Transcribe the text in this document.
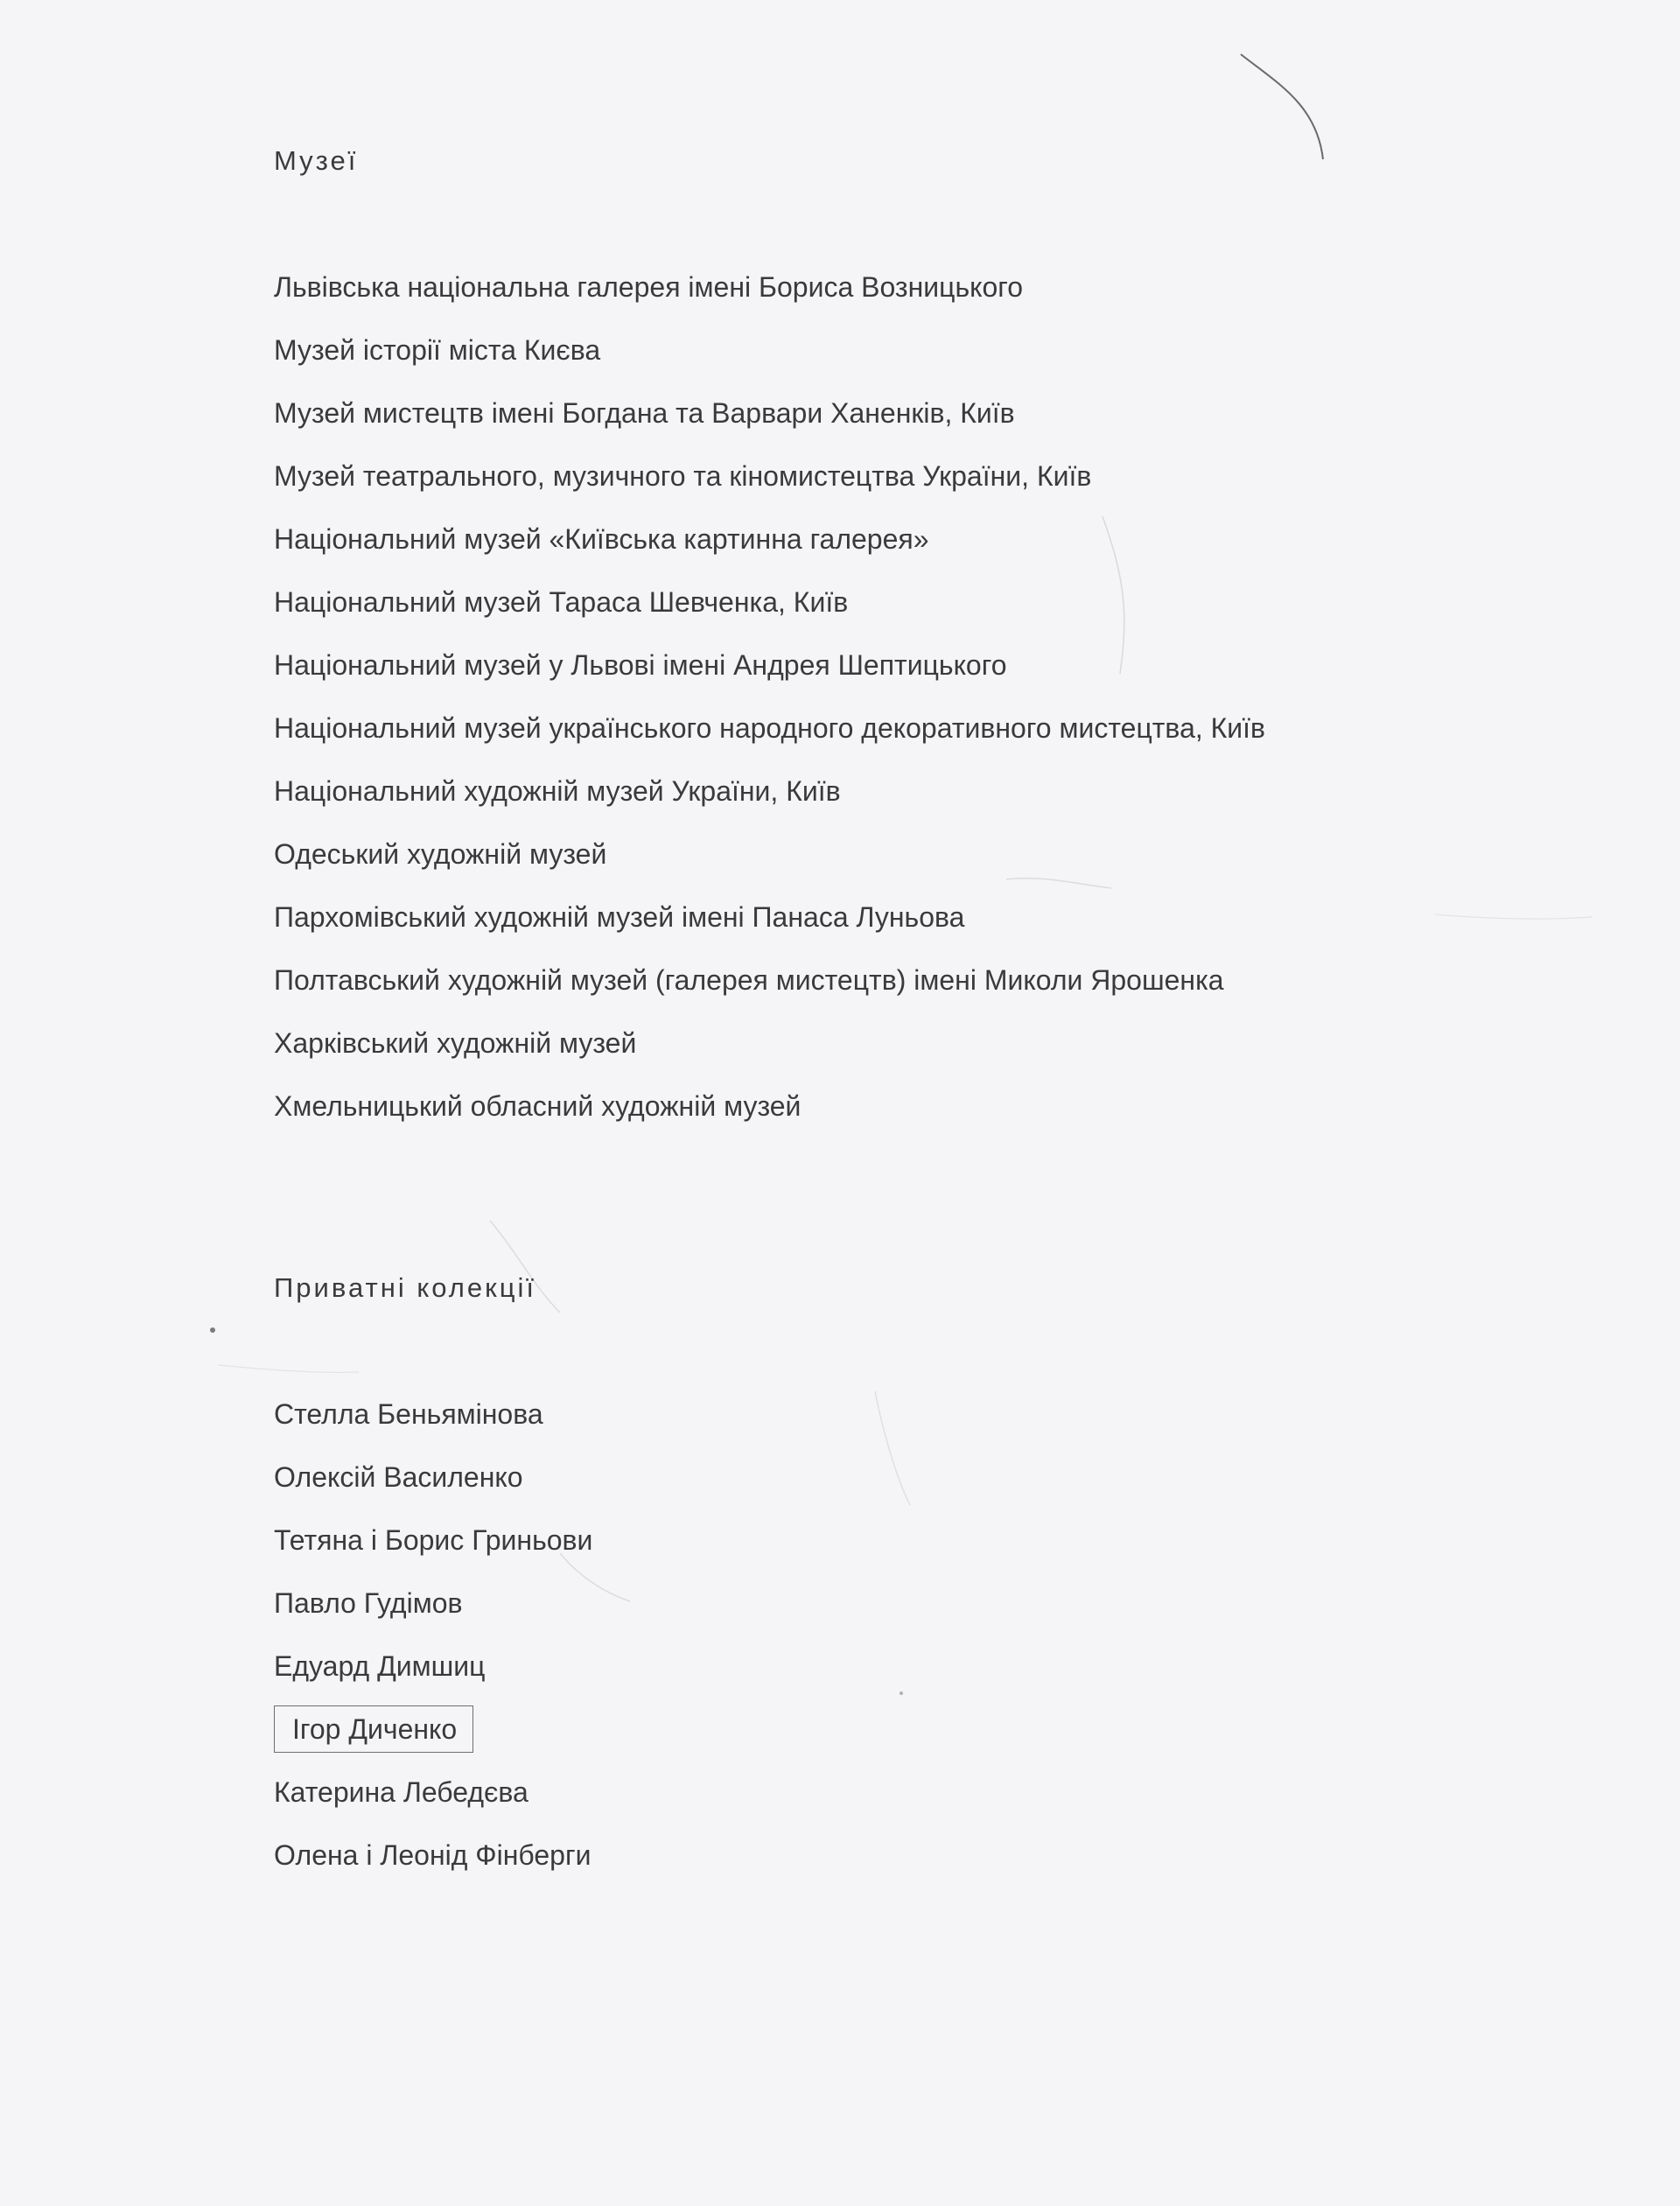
Музеї
Львівська національна галерея імені Бориса Возницького
Музей історії міста Києва
Музей мистецтв імені Богдана та Варвари Ханенків, Київ
Музей театрального, музичного та кіномистецтва України, Київ
Національний музей «Київська картинна галерея»
Національний музей Тараса Шевченка, Київ
Національний музей у Львові імені Андрея Шептицького
Національний музей українського народного декоративного мистецтва, Київ
Національний художній музей України, Київ
Одеський художній музей
Пархомівський художній музей імені Панаса Луньова
Полтавський художній музей (галерея мистецтв) імені Миколи Ярошенка
Харківський художній музей
Хмельницький обласний художній музей
Приватні колекції
Стелла Беньямінова
Олексій Василенко
Тетяна і Борис Гриньови
Павло Гудімов
Едуард Димшиц
Ігор Диченко
Катерина Лебедєва
Олена і Леонід Фінберги
